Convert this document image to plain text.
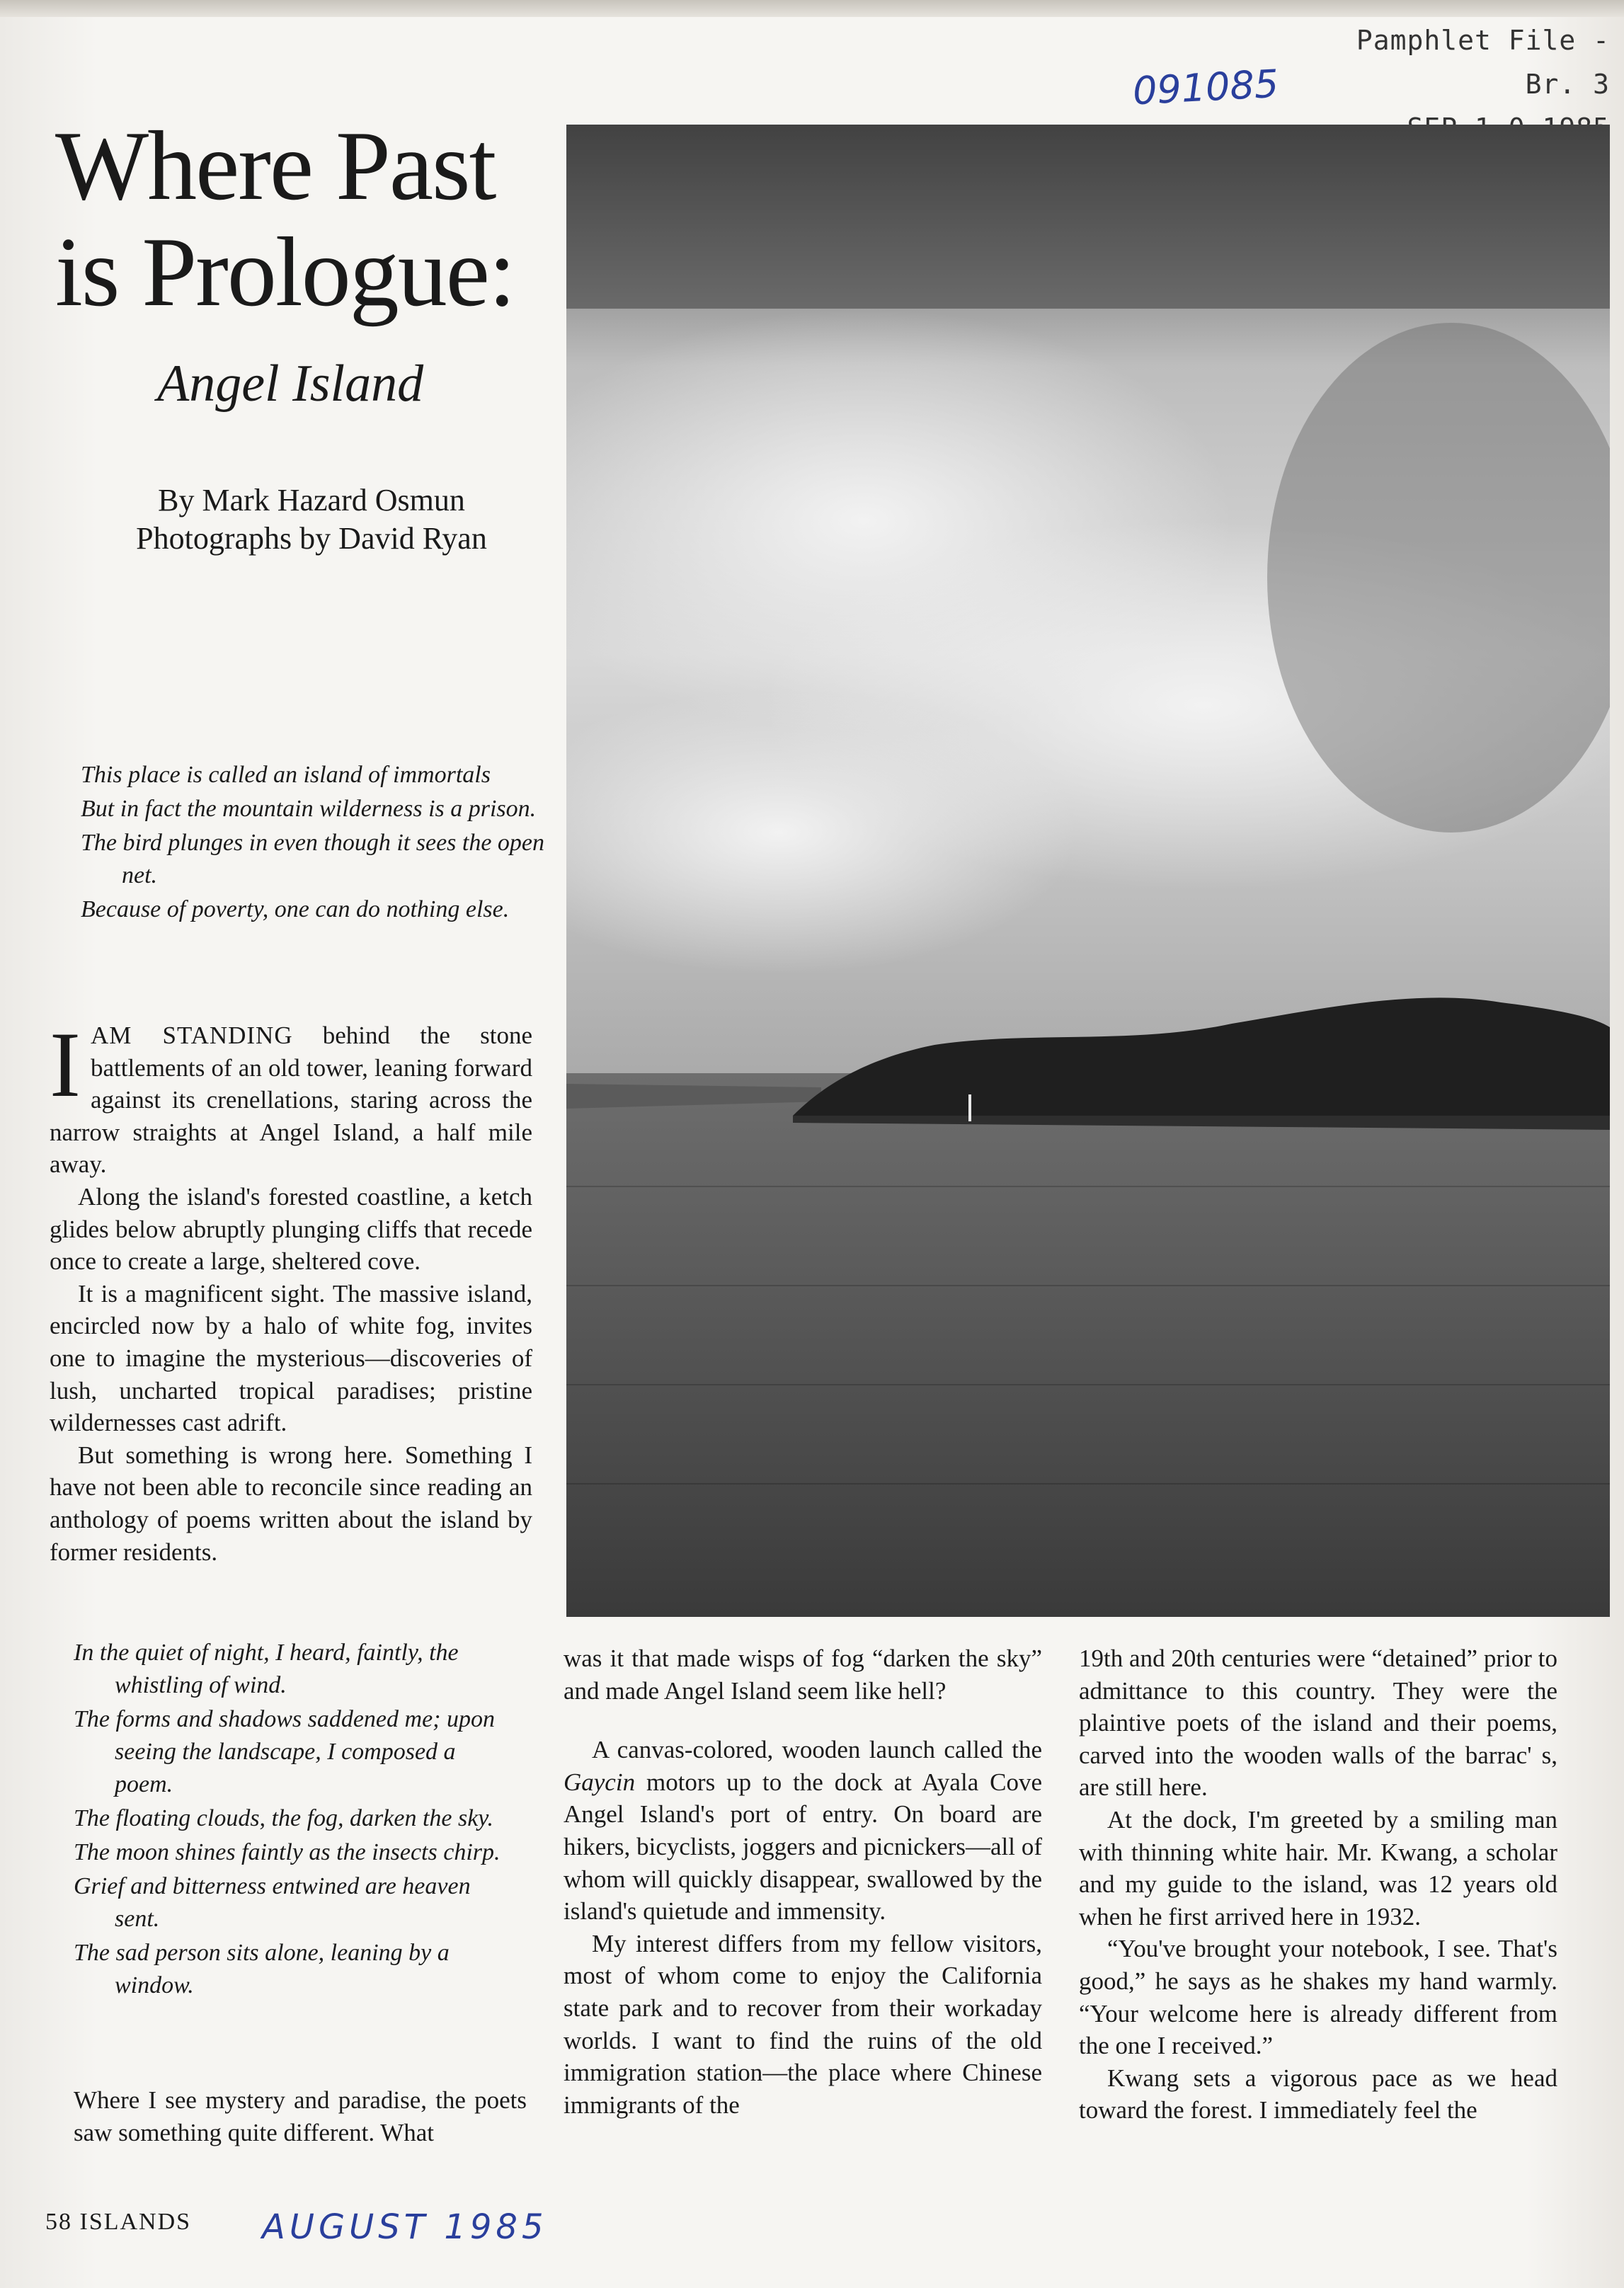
Pamphlet File - Br. 3
091085
Where Past
is Prologue:
Angel Island
By Mark Hazard Osmun
Photographs by David Ryan
This place is called an island of immortals
But in fact the mountain wilderness is a prison.
The bird plunges in even though it sees the open net.
Because of poverty, one can do nothing else.

IAM STANDING behind the stone battlements of an old tower, leaning forward against its crenellations, staring across the narrow straights at Angel Island, a half mile away.

Along the island's forested coastline, a ketch glides below abruptly plunging cliffs that recede once to create a large, sheltered cove.

It is a magnificent sight. The massive island, encircled now by a halo of white fog, invites one to imagine the mysterious—discoveries of lush, uncharted tropical paradises; pristine wildernesses cast adrift.

But something is wrong here. Something I have not been able to reconcile since reading an anthology of poems written about the island by former residents.

In the quiet of night, I heard, faintly, the whistling of wind.
The forms and shadows saddened me; upon seeing the landscape, I composed a poem.
The floating clouds, the fog, darken the sky.
The moon shines faintly as the insects chirp.
Grief and bitterness entwined are heaven sent.
The sad person sits alone, leaning by a window.

Where I see mystery and paradise, the poets saw something quite different. What

was it that made wisps of fog “darken the sky” and made Angel Island seem like hell?

A canvas-colored, wooden launch called the Gaycin motors up to the dock at Ayala Cove Angel Island's port of entry. On board are hikers, bicyclists, joggers and picnickers—all of whom will quickly disappear, swallowed by the island's quietude and immensity.

My interest differs from my fellow visitors, most of whom come to enjoy the California state park and to recover from their workaday worlds. I want to find the ruins of the old immigration station—the place where Chinese immigrants of the

19th and 20th centuries were “detained” prior to admittance to this country. They were the plaintive poets of the island and their poems, carved into the wooden walls of the barrac' s, are still here.

At the dock, I'm greeted by a smiling man with thinning white hair. Mr. Kwang, a scholar and my guide to the island, was 12 years old when he first arrived here in 1932.

“You've brought your notebook, I see. That's good,” he says as he shakes my hand warmly. “Your welcome here is already different from the one I received.”

Kwang sets a vigorous pace as we head toward the forest. I immediately feel the

58 ISLANDS AUGUST 1985
